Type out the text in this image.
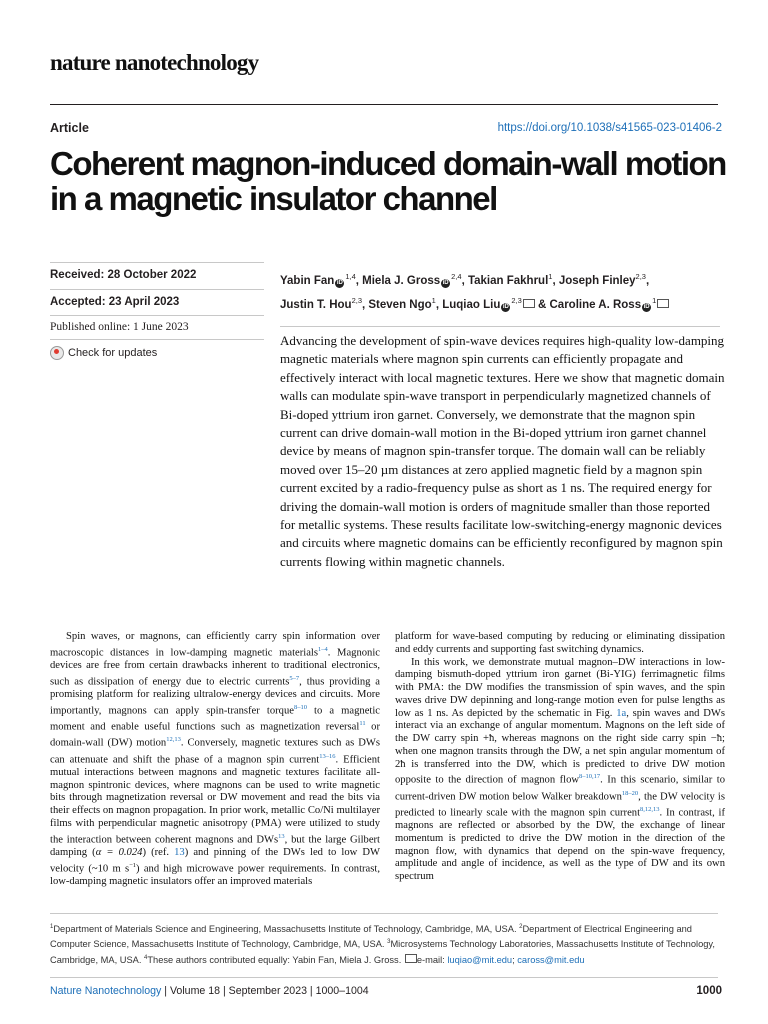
nature nanotechnology
Article	https://doi.org/10.1038/s41565-023-01406-2
Coherent magnon-induced domain-wall motion in a magnetic insulator channel
Received: 28 October 2022
Accepted: 23 April 2023
Published online: 1 June 2023
Check for updates
Yabin Fan iD$^{1,4}$, Miela J. Gross iD$^{2,4}$, Takian Fakhrul$^1$, Joseph Finley$^{2,3}$,
Justin T. Hou$^{2,3}$, Steven Ngo$^1$, Luqiao Liu iD$^{2,3}$ & Caroline A. Ross $iD^1$
Advancing the development of spin-wave devices requires high-quality low-damping magnetic materials where magnon spin currents can efficiently propagate and effectively interact with local magnetic textures. Here we show that magnetic domain walls can modulate spin-wave transport in perpendicularly magnetized channels of Bi-doped yttrium iron garnet. Conversely, we demonstrate that the magnon spin current can drive domain-wall motion in the Bi-doped yttrium iron garnet channel device by means of magnon spin-transfer torque. The domain wall can be reliably moved over 15–20 µm distances at zero applied magnetic field by a magnon spin current excited by a radio-frequency pulse as short as 1 ns. The required energy for driving the domain-wall motion is orders of magnitude smaller than those reported for metallic systems. These results facilitate low-switching-energy magnonic devices and circuits where magnetic domains can be efficiently reconfigured by magnon spin currents flowing within magnetic channels.

Spin waves, or magnons, can efficiently carry spin information over macroscopic distances in low-damping magnetic materials$^{1-4}$. Magnonic devices are free from certain drawbacks inherent to traditional electronics, such as dissipation of energy due to electric currents$^{5-7}$, thus providing a promising platform for realizing ultralow-energy devices and circuits. More importantly, magnons can apply spin-transfer torque$^{8-10}$ to a magnetic moment and enable useful functions such as magnetization reversal$^{11}$ or domain-wall (DW) motion$^{12,13}$. Conversely, magnetic textures such as DWs can attenuate and shift the phase of a magnon spin current$^{13-16}$. Efficient mutual interactions between magnons and magnetic textures facilitate all-magnon spintronic devices, where magnons can be used to write magnetic bits through magnetization reversal or DW movement and read the bits via their effects on magnon propagation. In prior work, metallic Co/Ni multilayer films with perpendicular magnetic anisotropy (PMA) were utilized to study the interaction between coherent magnons and DWs$^{13}$, but the large Gilbert damping (α = 0.024) (ref. 13) and pinning of the DWs led to low DW velocity (~10 m $s^{-1}$) and high microwave power requirements. In contrast, low-damping magnetic insulators offer an improved materials

platform for wave-based computing by reducing or eliminating dissipation and eddy currents and supporting fast switching dynamics.

In this work, we demonstrate mutual magnon–DW interactions in low-damping bismuth-doped yttrium iron garnet (Bi-YIG) ferrimagnetic films with PMA: the DW modifies the transmission of spin waves, and the spin waves drive DW depinning and long-range motion even for pulse lengths as low as 1 ns. As depicted by the schematic in Fig. 1a, spin waves and DWs interact via an exchange of angular momentum. Magnons on the left side of the DW carry spin +ħ, whereas magnons on the right side carry spin −ħ; when one magnon transits through the DW, a net spin angular momentum of 2ħ is transferred into the DW, which is predicted to drive DW motion opposite to the direction of magnon flow$^{8-10,17}$. In this scenario, similar to current-driven DW motion below Walker breakdown$^{18-20}$, the DW velocity is predicted to linearly scale with the magnon spin current$^{8,12,13}$. In contrast, if magnons are reflected or absorbed by the DW, the exchange of linear momentum is predicted to drive the DW motion in the direction of the magnon flow, with dynamics that depend on the spin-wave frequency, amplitude and angle of incidence, as well as the type of DW and its own spectrum

$^1$Department of Materials Science and Engineering, Massachusetts Institute of Technology, Cambridge, MA, USA. $^2$Department of Electrical Engineering and Computer Science, Massachusetts Institute of Technology, Cambridge, MA, USA. $^3$Microsystems Technology Laboratories, Massachusetts Institute of Technology, Cambridge, MA, USA. $^4$These authors contributed equally: Yabin Fan, Miela J. Gross. e-mail: luqiao@mit.edu; caross@mit.edu
Nature Nanotechnology | Volume 18 | September 2023 | 1000–1004	1000
